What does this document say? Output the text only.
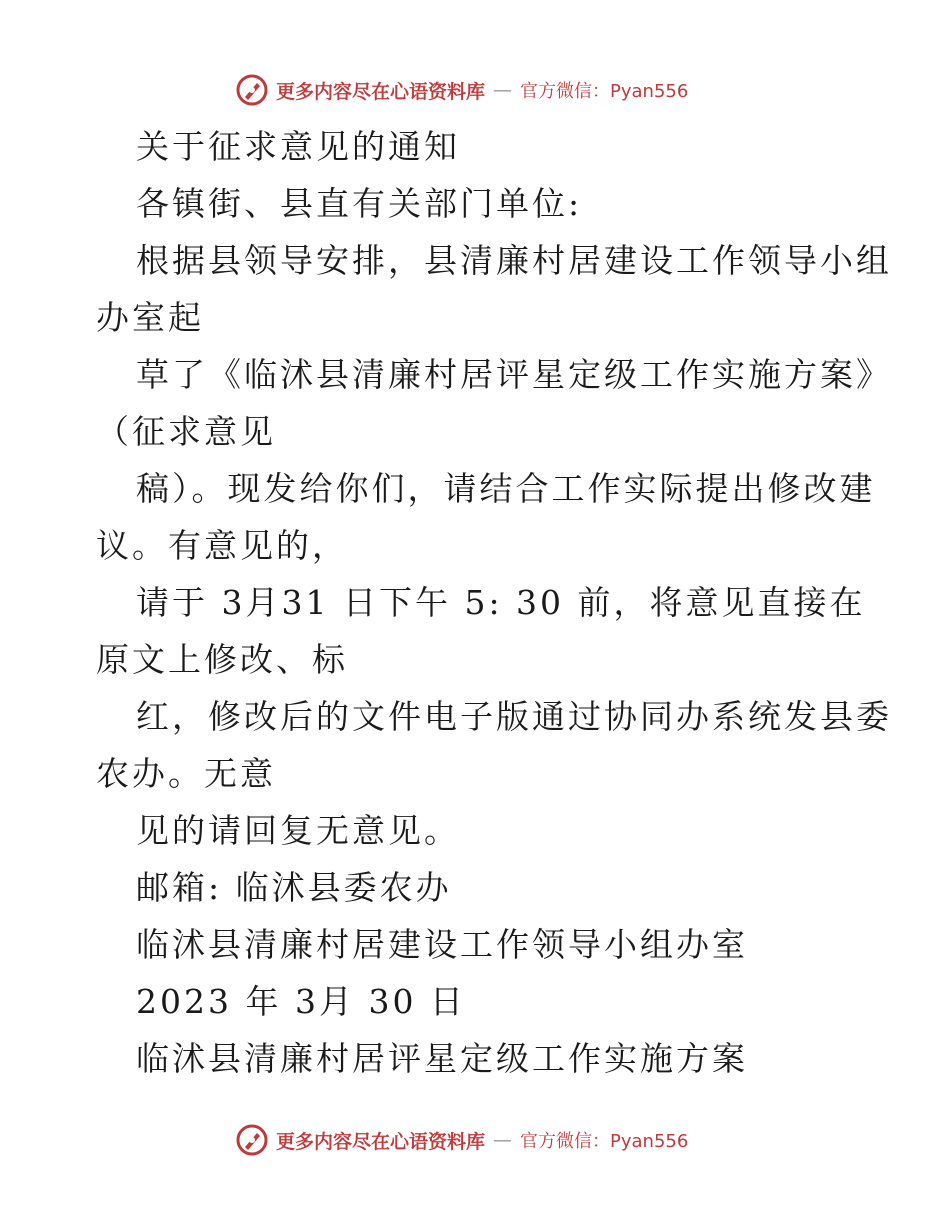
更多内容尽在心语资料库 — 官方微信：Pyan556
关于征求意见的通知
各镇街、县直有关部门单位:
根据县领导安排，县清廉村居建设工作领导小组
办室起
草了《临沭县清廉村居评星定级工作实施方案》
（征求意见
稿）。现发给你们，请结合工作实际提出修改建
议。有意见的，
请于 3月31 日下午 5: 30 前，将意见直接在
原文上修改、标
红，修改后的文件电子版通过协同办系统发县委
农办。无意
见的请回复无意见。
邮箱: 临沭县委农办
临沭县清廉村居建设工作领导小组办室
2023 年 3月 30 日
临沭县清廉村居评星定级工作实施方案
更多内容尽在心语资料库 — 官方微信：Pyan556
